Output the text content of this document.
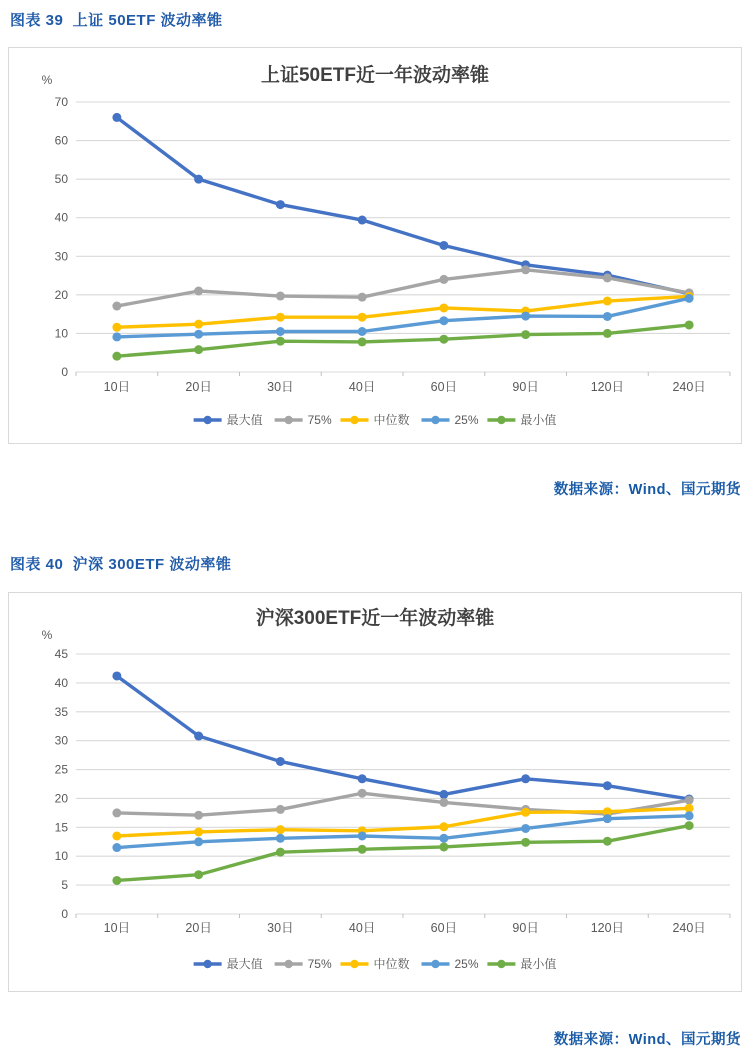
图表 39  上证 50ETF 波动率锥
上证50ETF近一年波动率锥
%
0
10
20
30
40
50
60
70
10日	20日	30日	40日	60日	90日	120日	240日
最大值	75%	中位数	25%	最小值
数据来源：Wind、国元期货
图表 40  沪深 300ETF 波动率锥
沪深300ETF近一年波动率锥
%
0
5
10
15
20
25
30
35
40
45
10日	20日	30日	40日	60日	90日	120日	240日
最大值	75%	中位数	25%	最小值
数据来源：Wind、国元期货
